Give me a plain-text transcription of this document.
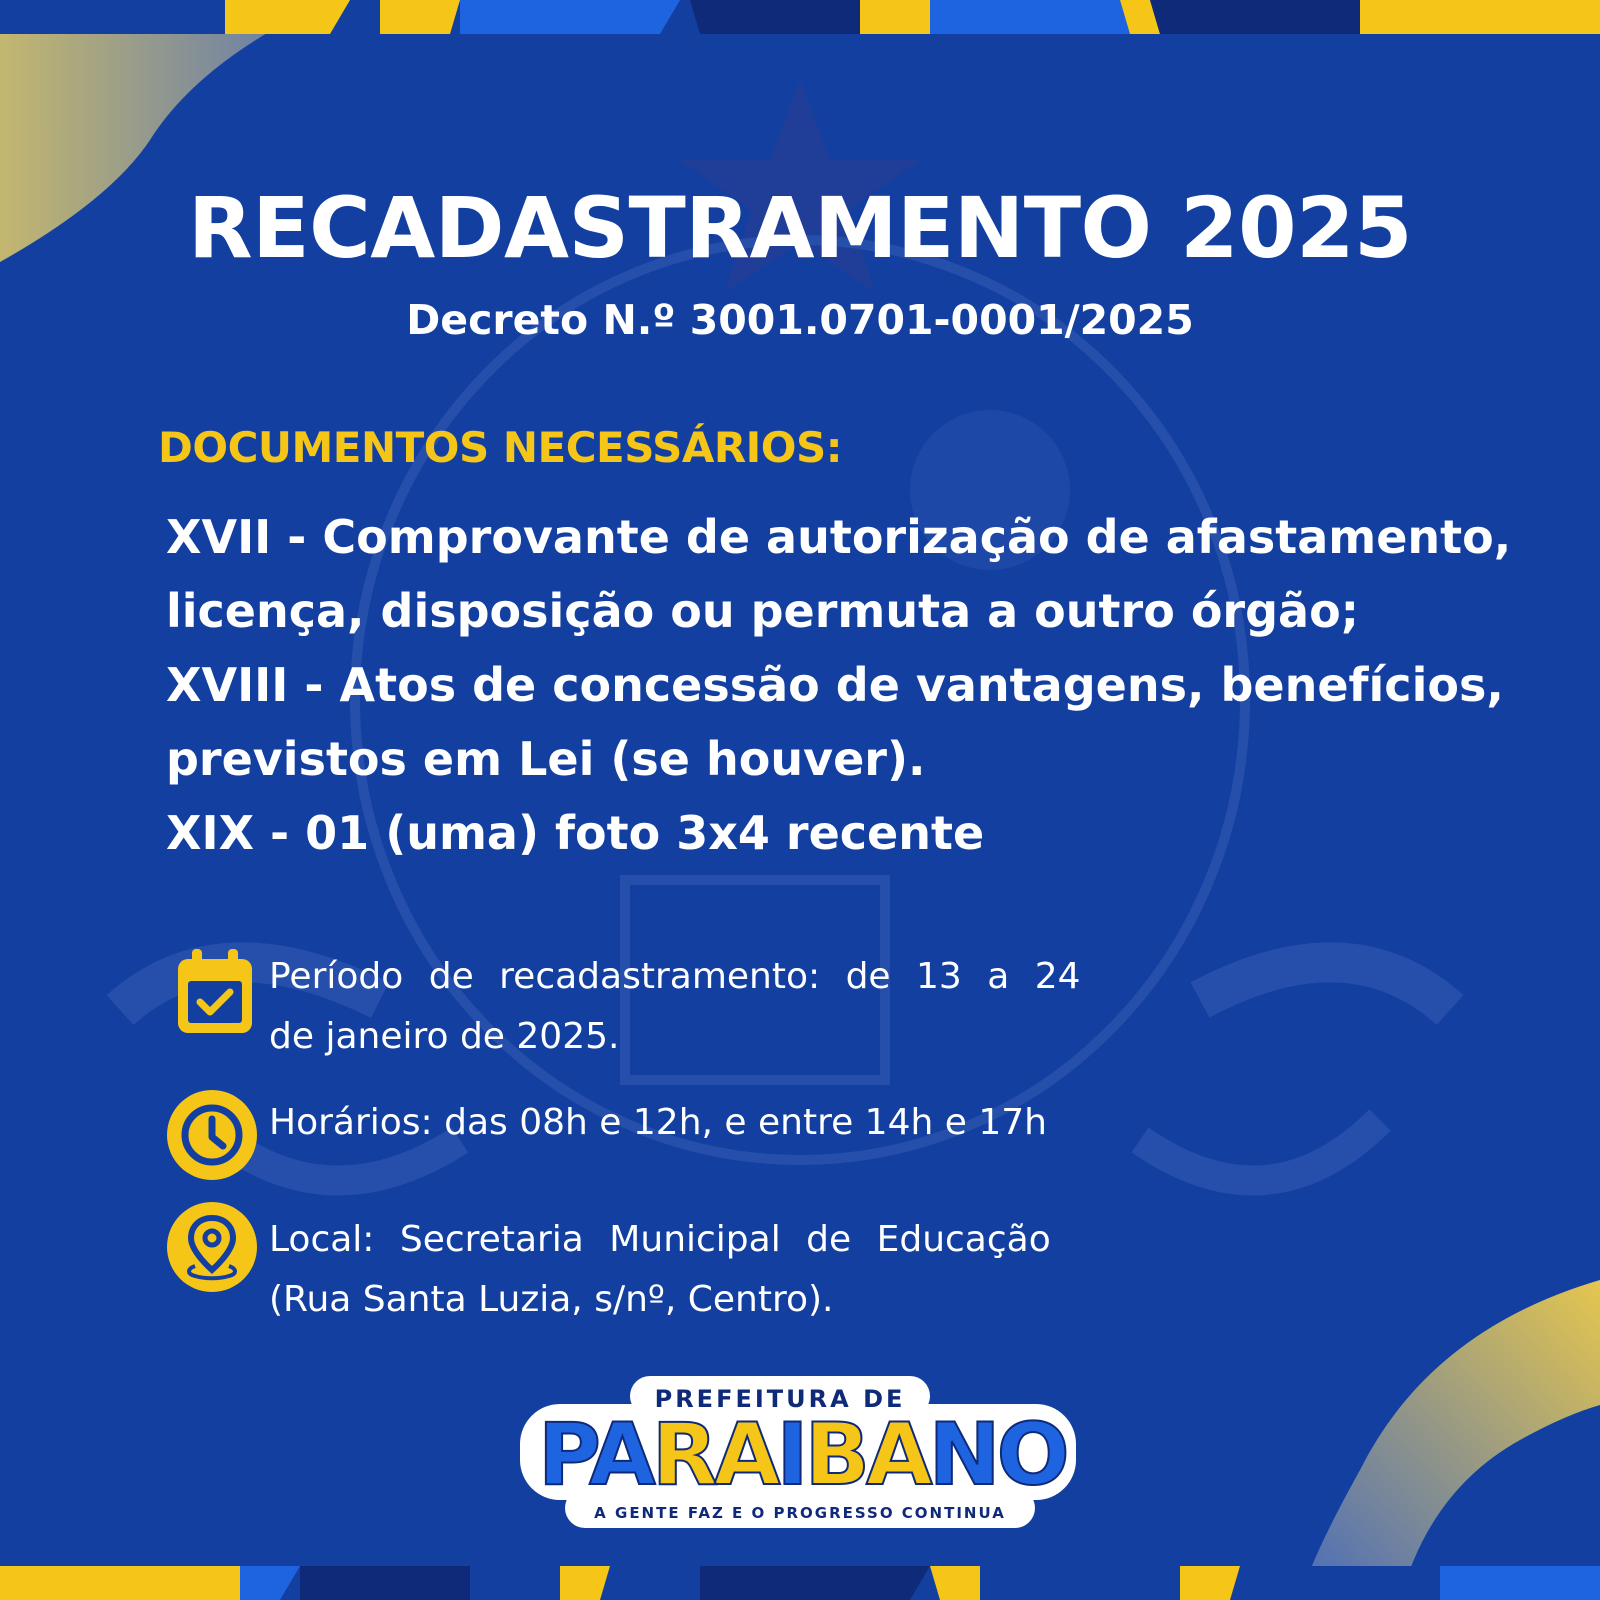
RECADASTRAMENTO 2025
Decreto N.º 3001.0701-0001/2025
DOCUMENTOS NECESSÁRIOS:
XVII - Comprovante de autorização de afastamento,
licença, disposição ou permuta a outro órgão;
XVIII - Atos de concessão de vantagens, benefícios,
previstos em Lei (se houver).
XIX - 01 (uma) foto 3x4 recente
Período de recadastramento: de 13 a 24
de janeiro de 2025.
Horários: das 08h e 12h, e entre 14h e 17h
Local: Secretaria Municipal de Educação
(Rua Santa Luzia, s/nº, Centro).
PREFEITURA DE
PARAIBANO
A GENTE FAZ E O PROGRESSO CONTINUA
